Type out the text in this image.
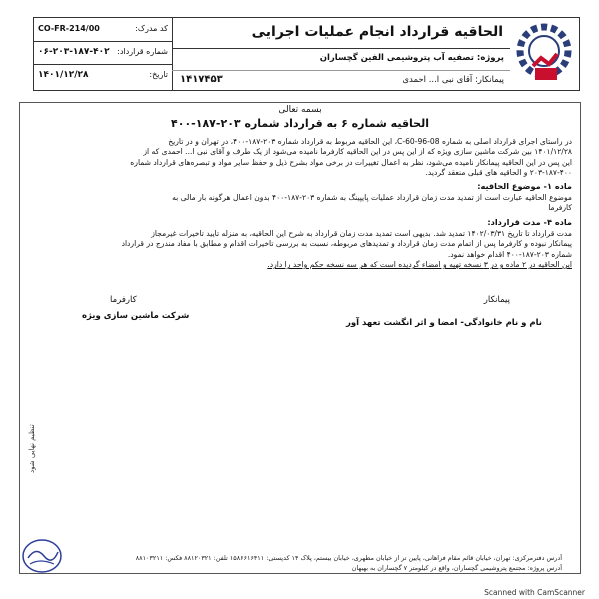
الحاقیه قرارداد انجام عملیات اجرایی
کد مدرک:
CO-FR-214/00
شماره قرارداد:
۰۶-۲۰۳-۱۸۷-۴۰۲
تاریخ:
۱۴۰۱/۱۲/۲۸
پروژه: تصفیه آب پتروشیمی الفین گچساران
پیمانکار: آقای نبی ا... احمدی
۱۴۱۷۴۵۳
بسمه تعالی
الحاقیه شماره ۶ به قرارداد شماره ۲۰۳-۱۸۷-۴۰۰
در راستای اجرای قرارداد اصلی به شماره C-60-96-08، این الحاقیه مربوط به قرارداد شماره ۲۰۳-۱۸۷-۴۰۰، در تهران و در تاریخ
۱۴۰۱/۱۲/۲۸ بین شرکت ماشین سازی ویژه که از این پس در این الحاقیه کارفرما نامیده می‌شود از یک طرف و آقای نبی ا... احمدی که از
این پس در این الحاقیه پیمانکار نامیده می‌شود، نظر به اعمال تغییرات در برخی مواد بشرح ذیل و حفظ سایر مواد و تبصره‌های قرارداد شماره
۲۰۳-۱۸۷-۴۰۰ و الحاقیه های قبلی منعقد گردید.
ماده ۱- موضوع الحاقیه:
موضوع الحاقیه عبارت است از تمدید مدت زمان قرارداد عملیات پایپینگ به شماره ۲۰۳-۱۸۷-۴۰۰ بدون اعمال هرگونه بار مالی به
کارفرما
ماده ۴- مدت قرارداد:
مدت قرارداد تا تاریخ ۱۴۰۲/۰۳/۳۱ تمدید شد. بدیهی است تمدید مدت زمان قرارداد به شرح این الحاقیه، به منزله تایید تاخیرات غیرمجاز
پیمانکار نبوده و کارفرما پس از اتمام مدت زمان قرارداد و تمدیدهای مربوطه، نسبت به بررسی تاخیرات اقدام و مطابق با مفاد مندرج در قرارداد
شماره ۲۰۳-۱۸۷-۴۰۰ اقدام خواهد نمود.
این الحاقیه در ۲ ماده و در ۳ نسخه تهیه و امضاء گردیده است که هر سه نسخه حکم واحد را دارد.
پیمانکار
کارفرما
نام و نام خانوادگی- امضا و اثر انگشت تعهد آور
شرکت ماشین سازی ویژه
تنظیم نهایی شود
آدرس دفترمرکزی: تهران، خیابان قائم مقام فراهانی، پایین تر از خیابان مطهری، خیابان بیستم، پلاک ۱۴ کدپستی: ۱۵۸۶۶۱۶۴۱۱ تلفن: ۸۸۱۲۰۳۲۱ فکس: ۸۸۱۰۳۲۱۱
آدرس پروژه: مجتمع پتروشیمی گچساران، واقع در کیلومتر ۷ گچساران به بهبهان
Scanned with CamScanner
